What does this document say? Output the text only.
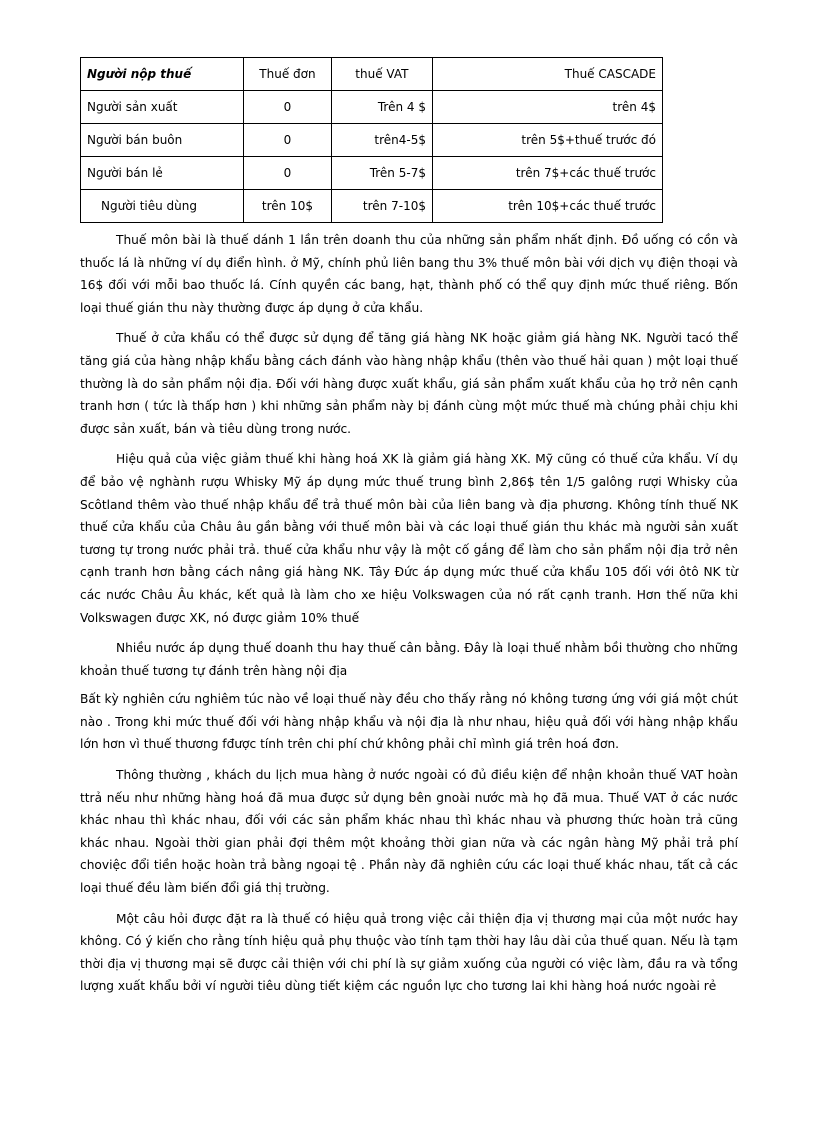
Người nộp thuế	Thuế đơn	thuế VAT	Thuế CASCADE
Người sản xuất	0	Trên 4 $	trên 4$
Người bán buôn	0	trên4-5$	trên 5$+thuế trước đó
Người bán lẻ	0	Trên 5-7$	trên 7$+các thuế trước
Người tiêu dùng	trên 10$	trên 7-10$	trên 10$+các thuế trước

Thuế môn bài là thuế dánh 1 lần trên doanh thu của những sản phẩm nhất định. Đồ uống có cồn và thuốc lá là những ví dụ điển hình. ở Mỹ, chính phủ liên bang thu 3% thuế môn bài với dịch vụ điện thoại và 16$ đối với mỗi bao thuốc lá. Cính quyền các bang, hạt, thành phố có thể quy định mức thuế riêng. Bốn loại thuế gián thu này thường được áp dụng ở cửa khẩu.

Thuế ở cửa khẩu có thể được sử dụng để tăng giá hàng NK hoặc giảm giá hàng NK. Người tacó thể tăng giá của hàng nhập khẩu bằng cách đánh vào hàng nhập khẩu (thên vào thuế hải quan ) một loại thuế thường là do sản phẩm nội địa. Đối với hàng được xuất khẩu, giá sản phẩm xuất khẩu của họ trở nên cạnh tranh hơn ( tức là thấp hơn ) khi những sản phẩm này bị đánh cùng một mức thuế mà chúng phải chịu khi được sản xuất, bán và tiêu dùng trong nước.

Hiệu quả của việc giảm thuế khi hàng hoá XK là giảm giá hàng XK. Mỹ cũng có thuế cửa khẩu. Ví dụ để bảo vệ nghành rượu Whisky Mỹ áp dụng mức thuế trung bình 2,86$ tên 1/5 galông rượi Whisky của Scôtland thêm vào thuế nhập khẩu để trả thuế môn bài của liên bang và địa phương. Không tính thuế NK thuế cửa khẩu của Châu âu gần bằng với thuế môn bài và các loại thuế gián thu khác mà người sản xuất tương tự trong nước phải trả. thuế cửa khẩu như vậy là một cố gắng để làm cho sản phẩm nội địa trở nên cạnh tranh hơn bằng cách nâng giá hàng NK. Tây Đức áp dụng mức thuế cửa khẩu 105 đối với ôtô NK từ các nước Châu Âu khác, kết quả là làm cho xe hiệu Volkswagen của nó rất cạnh tranh. Hơn thế nữa khi Volkswagen được XK, nó được giảm 10% thuế

Nhiều nước áp dụng thuế doanh thu hay thuế cân bằng. Đây là loại thuế nhằm bồi thường cho những khoản thuế tương tự đánh trên hàng nội địa

Bất kỳ nghiên cứu nghiêm túc nào về loại thuế này đều cho thấy rằng nó không tương ứng với giá một chút nào . Trong khi mức thuế đối với hàng nhập khẩu và nội địa là như nhau, hiệu quả đối với hàng nhập khẩu lớn hơn vì thuế thương fđược tính trên chi phí chứ không phải chỉ mình giá trên hoá đơn.

Thông thường , khách du lịch mua hàng ở nước ngoài có đủ điều kiện để nhận khoản thuế VAT hoàn ttrả nếu như những hàng hoá đã mua được sử dụng bên gnoài nước mà họ đã mua. Thuế VAT ở các nước khác nhau thì khác nhau, đối với các sản phẩm khác nhau thì khác nhau và phương thức hoàn trả cũng khác nhau. Ngoài thời gian phải đợi thêm một khoảng thời gian nữa và các ngân hàng Mỹ phải trả phí choviệc đổi tiền hoặc hoàn trả bằng ngoại tệ . Phần này đã nghiên cứu các loại thuế khác nhau, tất cả các loại thuế đều làm biến đổi giá thị trường.

Một câu hỏi được đặt ra là thuế có hiệu quả trong việc cải thiện địa vị thương mại của một nước hay không. Có ý kiến cho rằng tính hiệu quả phụ thuộc vào tính tạm thời hay lâu dài của thuế quan. Nếu là tạm thời địa vị thương mại sẽ được cải thiện với chi phí là sự giảm xuống của người có việc làm, đầu ra và tổng lượng xuất khẩu bởi ví người tiêu dùng tiết kiệm các nguồn lực cho tương lai khi hàng hoá nước ngoài rẻ
